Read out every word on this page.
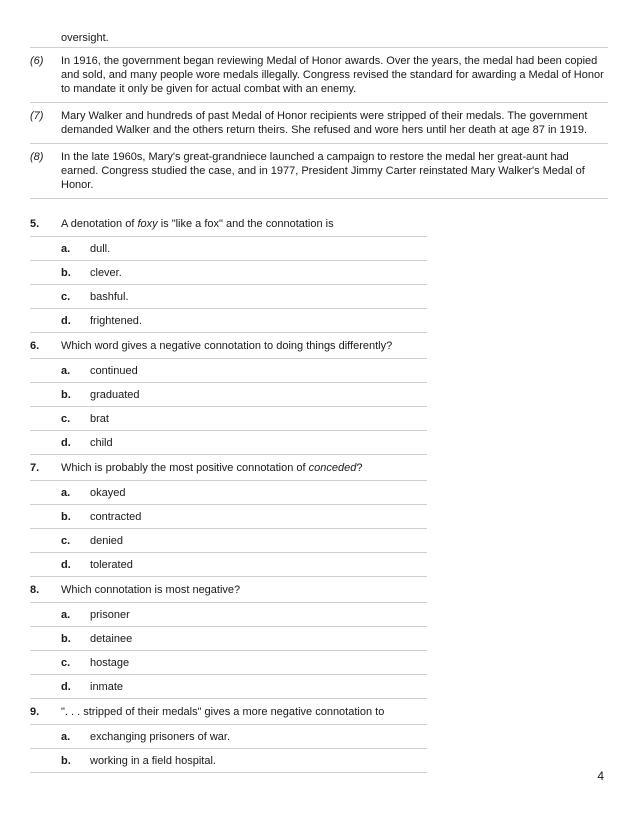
oversight.
(6)	In 1916, the government began reviewing Medal of Honor awards. Over the years, the medal had been copied and sold, and many people wore medals illegally. Congress revised the standard for awarding a Medal of Honor to mandate it only be given for actual combat with an enemy.
(7)	Mary Walker and hundreds of past Medal of Honor recipients were stripped of their medals. The government demanded Walker and the others return theirs. She refused and wore hers until her death at age 87 in 1919.
(8)	In the late 1960s, Mary's great-grandniece launched a campaign to restore the medal her great-aunt had earned. Congress studied the case, and in 1977, President Jimmy Carter reinstated Mary Walker's Medal of Honor.
5.	A denotation of foxy is "like a fox" and the connotation is
a.	dull.
b.	clever.
c.	bashful.
d.	frightened.
6.	Which word gives a negative connotation to doing things differently?
a.	continued
b.	graduated
c.	brat
d.	child
7.	Which is probably the most positive connotation of conceded?
a.	okayed
b.	contracted
c.	denied
d.	tolerated
8.	Which connotation is most negative?
a.	prisoner
b.	detainee
c.	hostage
d.	inmate
9.	". . . stripped of their medals" gives a more negative connotation to
a.	exchanging prisoners of war.
b.	working in a field hospital.
4
